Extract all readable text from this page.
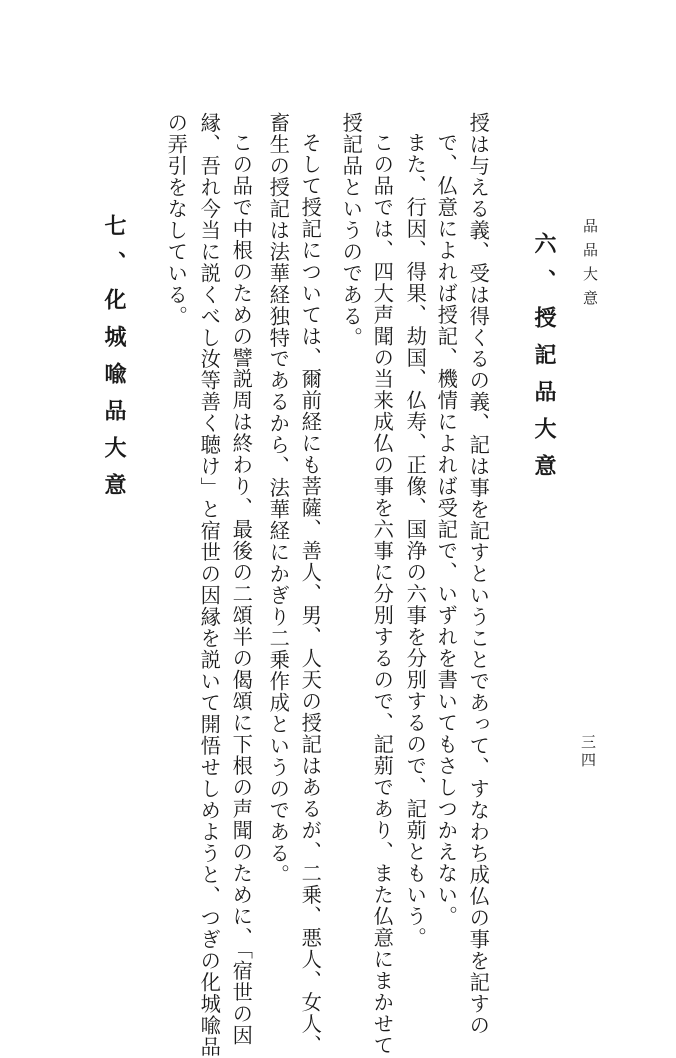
品品大意
六、授記品大意
授は与える義、受は得くるの義、記は事を記すということであって、すなわち成仏の事を記すの
で、仏意によれば授記、機情によれば受記で、いずれを書いてもさしつかえない。
また、行因、得果、劫国、仏寿、正像、国浄の六事を分別するので、記莂ともいう。
この品では、四大声聞の当来成仏の事を六事に分別するので、記莂であり、また仏意にまかせて
授記品というのである。
そして授記については、爾前経にも菩薩、善人、男、人天の授記はあるが、二乗、悪人、女人、
畜生の授記は法華経独特であるから、法華経にかぎり二乗作成というのである。
この品で中根のための譬説周は終わり、最後の二頌半の偈頌に下根の声聞のために、「宿世の因
縁、吾れ今当に説くべし汝等善く聴け」と宿世の因縁を説いて開悟せしめようと、つぎの化城喩品
の弄引をなしている。
七、化城喩品大意
三四
